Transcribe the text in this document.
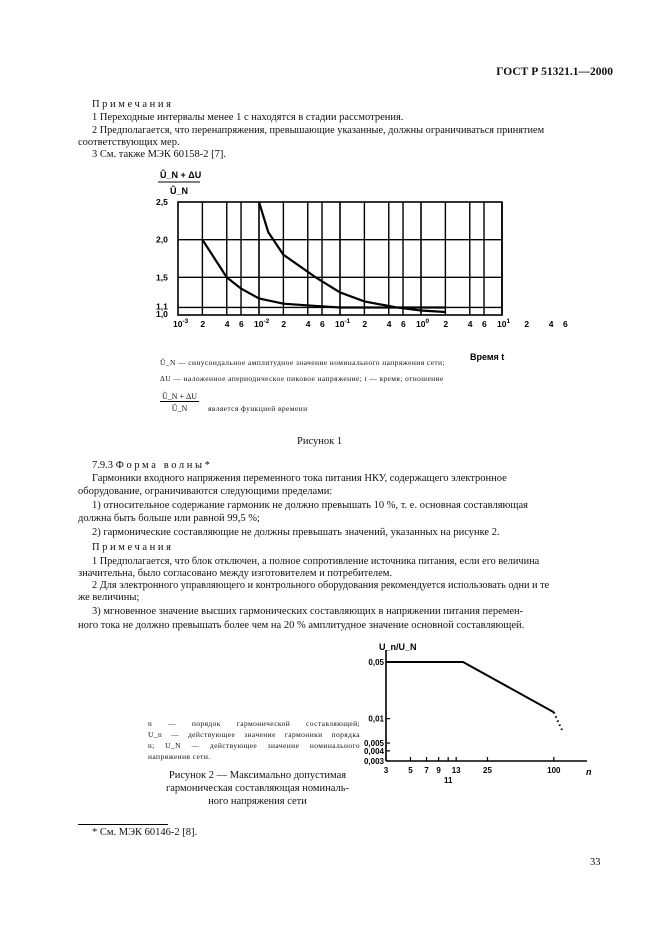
ГОСТ Р 51321.1—2000
Примечания
1 Переходные интервалы менее 1 с находятся в стадии рассмотрения.
2 Предполагается, что перенапряжения, превышающие указанные, должны ограничиваться принятием
соответствующих мер.
3 См. также МЭК 60158-2 [7].
Û_N + ΔU
Û_N
2,5
2,0
1,5
1,1
1,0
$10^{-3}$	$10^{-2}$	$10^{-1}$	$10^0$	$10^1$
2 4 6	2 4 6	2 4 6	2 4 6	2 4 6
Время t
Û_N — синусоидальное амплитудное значение номинального напряжения сети;
ΔU — наложенное апериодическое пиковое напряжение; t — время; отношение
$\frac{Û\_N + \Delta U}{Û\_N}$ является функцией времени
Рисунок 1
7.9.3 Форма волны*
Гармоники входного напряжения переменного тока питания НКУ, содержащего электронное
оборудование, ограничиваются следующими пределами:
1) относительное содержание гармоник не должно превышать 10 %, т. е. основная составляющая
должна быть больше или равной 99,5 %;
2) гармонические составляющие не должны превышать значений, указанных на рисунке 2.
Примечания
1 Предполагается, что блок отключен, а полное сопротивление источника питания, если его величина
значительна, было согласовано между изготовителем и потребителем.
2 Для электронного управляющего и контрольного оборудования рекомендуется использовать одни и те
же величины;
3) мгновенное значение высших гармонических составляющих в напряжении питания перемен-
ного тока не должно превышать более чем на 20 % амплитудное значение основной составляющей.
U_n/U_N
0,05
0,01
0,005
0,004
0,003
3 5 7 9 13	25	100
11
n
n — порядок гармонической составляющей;
U_n — действующее значение гармоники порядка
n; U_N — действующее значение номинального
напряжения сети.
Рисунок 2 — Максимально допустимая
гармоническая составляющая номиналь-
ного напряжения сети
* См. МЭК 60146-2 [8].
33
